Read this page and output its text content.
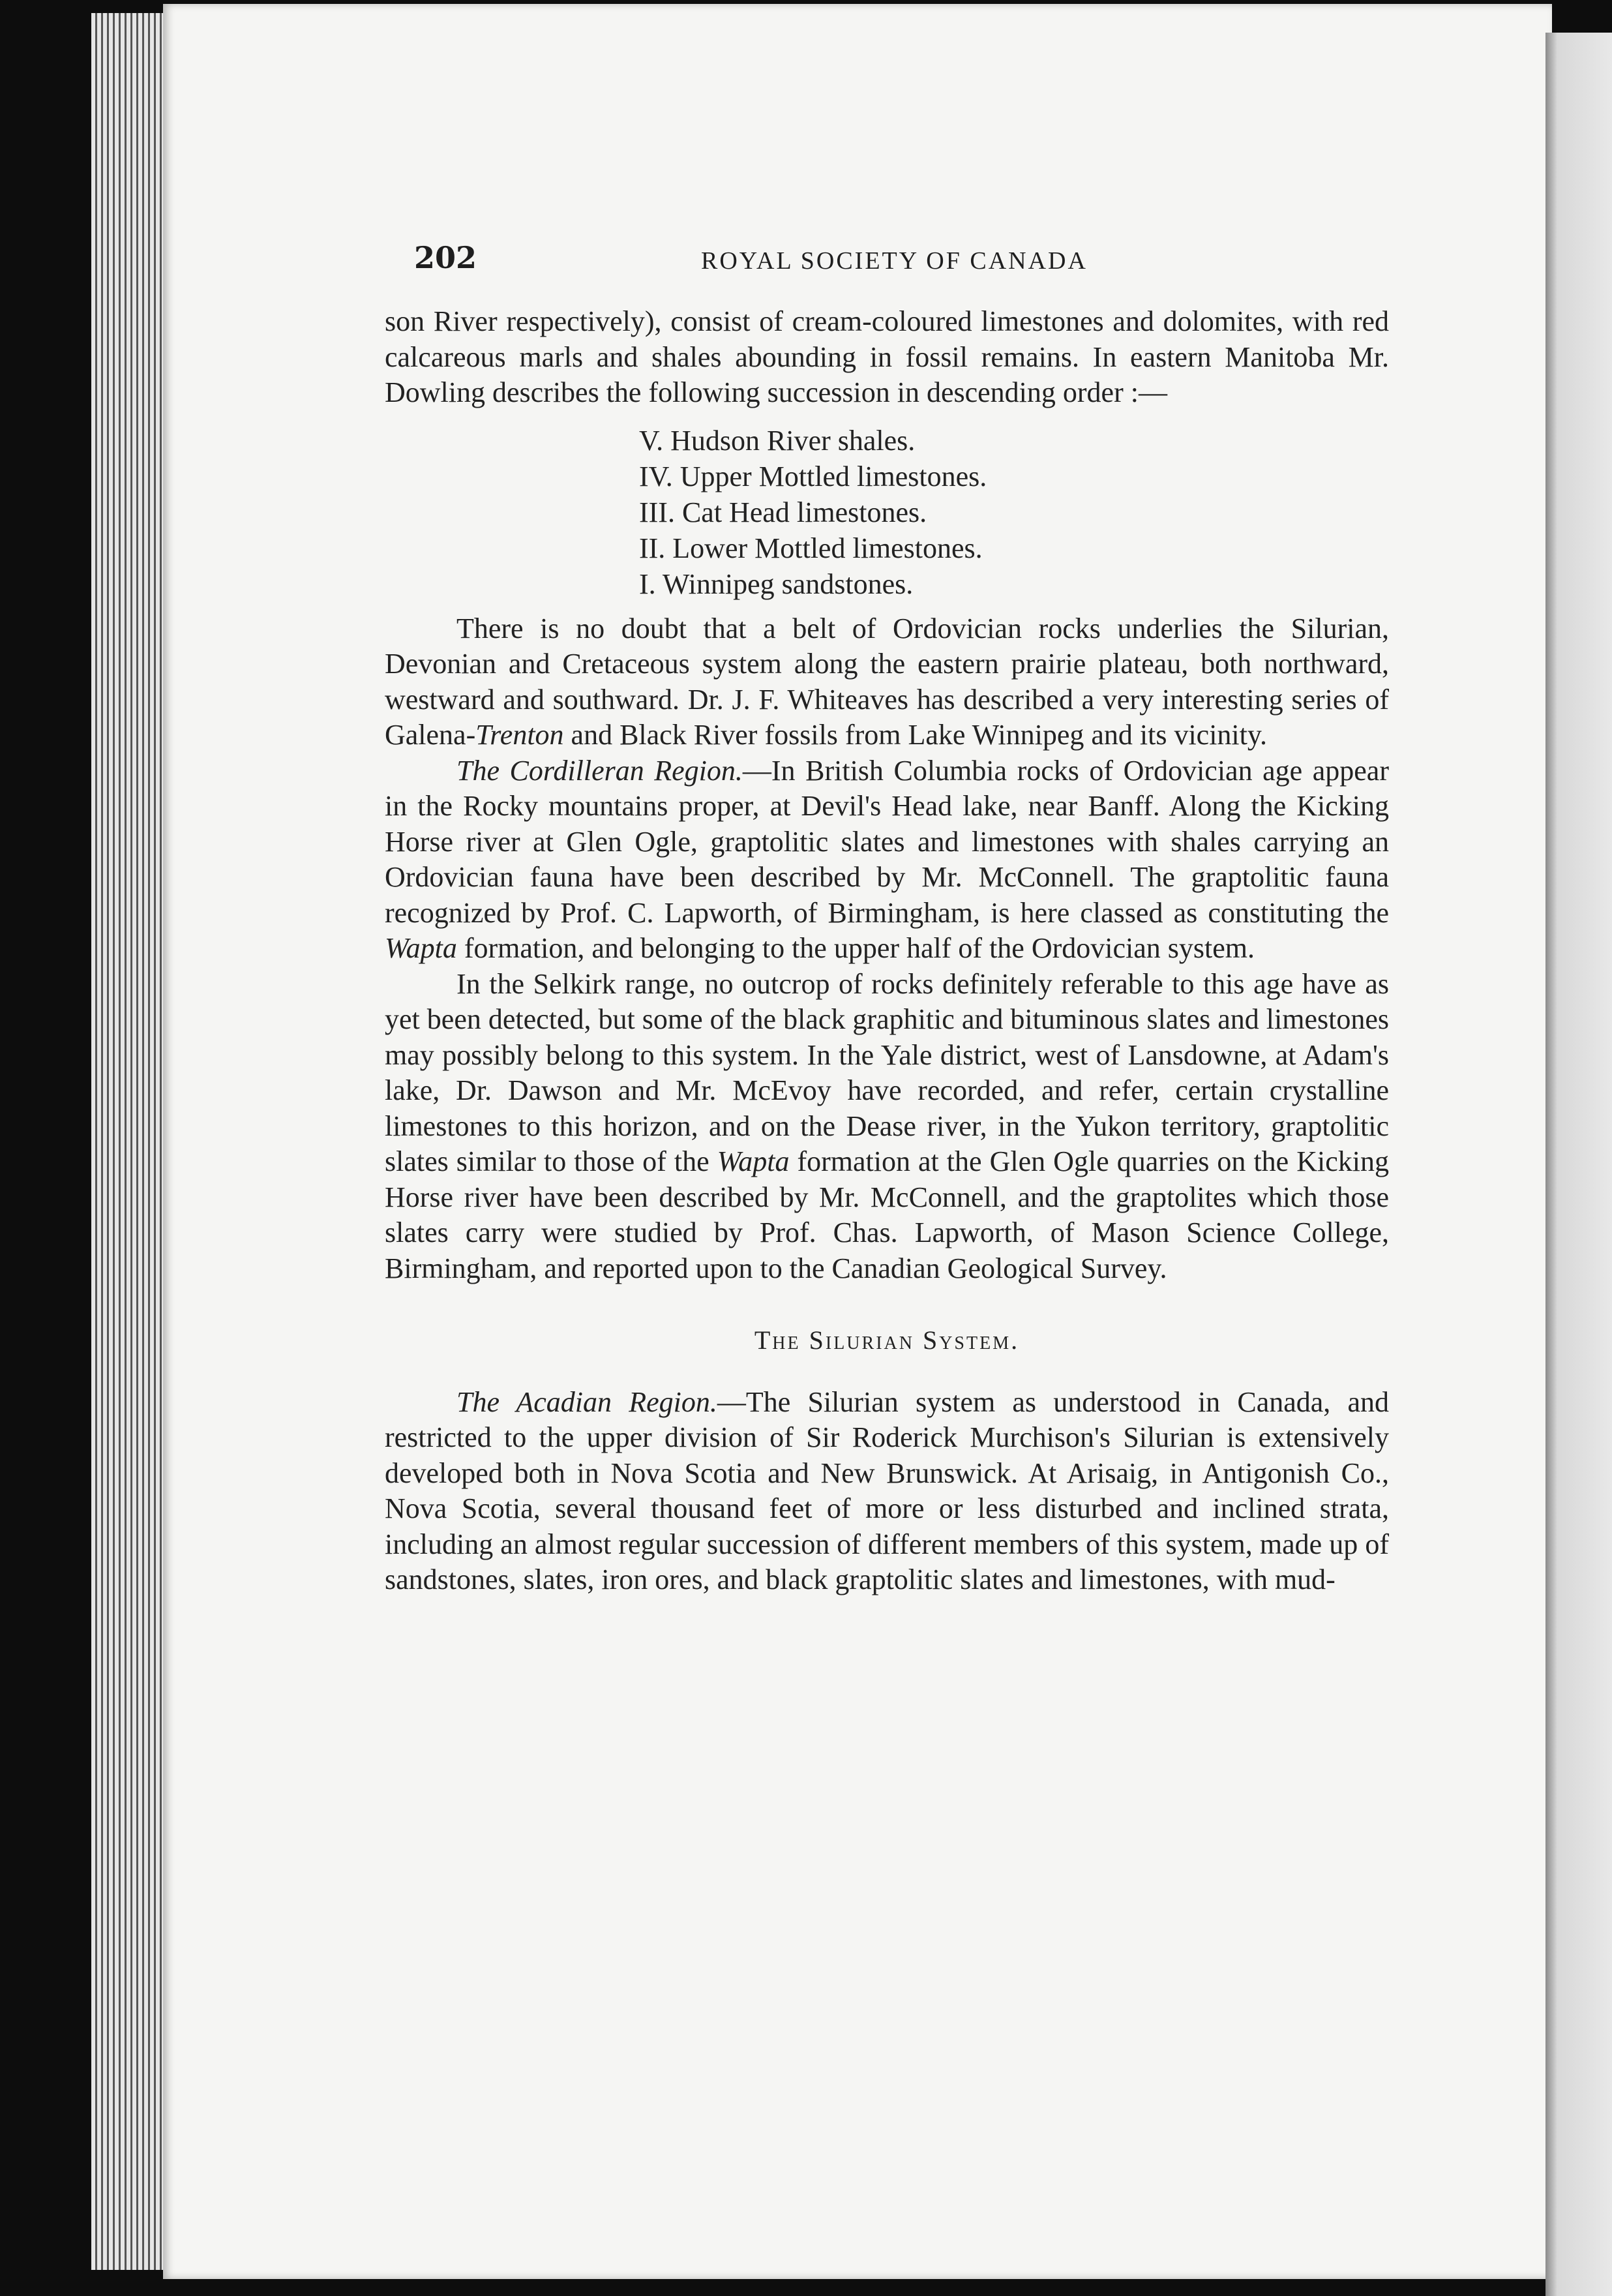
202	ROYAL SOCIETY OF CANADA

son River respectively), consist of cream-coloured limestones and dolomites, with red calcareous marls and shales abounding in fossil remains. In eastern Manitoba Mr. Dowling describes the following succession in descending order :—

V. Hudson River shales.
IV. Upper Mottled limestones.
III. Cat Head limestones.
II. Lower Mottled limestones.
I. Winnipeg sandstones.

There is no doubt that a belt of Ordovician rocks underlies the Silurian, Devonian and Cretaceous system along the eastern prairie plateau, both northward, westward and southward. Dr. J. F. Whiteaves has described a very interesting series of Galena-Trenton and Black River fossils from Lake Winnipeg and its vicinity.

The Cordilleran Region.—In British Columbia rocks of Ordovician age appear in the Rocky mountains proper, at Devil's Head lake, near Banff. Along the Kicking Horse river at Glen Ogle, graptolitic slates and limestones with shales carrying an Ordovician fauna have been described by Mr. McConnell. The graptolitic fauna recognized by Prof. C. Lapworth, of Birmingham, is here classed as constituting the Wapta formation, and belonging to the upper half of the Ordovician system.

In the Selkirk range, no outcrop of rocks definitely referable to this age have as yet been detected, but some of the black graphitic and bituminous slates and limestones may possibly belong to this system. In the Yale district, west of Lansdowne, at Adam's lake, Dr. Dawson and Mr. McEvoy have recorded, and refer, certain crystalline limestones to this horizon, and on the Dease river, in the Yukon territory, graptolitic slates similar to those of the Wapta formation at the Glen Ogle quarries on the Kicking Horse river have been described by Mr. McConnell, and the graptolites which those slates carry were studied by Prof. Chas. Lapworth, of Mason Science College, Birmingham, and reported upon to the Canadian Geological Survey.

The Silurian System.

The Acadian Region.—The Silurian system as understood in Canada, and restricted to the upper division of Sir Roderick Murchison's Silurian is extensively developed both in Nova Scotia and New Brunswick. At Arisaig, in Antigonish Co., Nova Scotia, several thousand feet of more or less disturbed and inclined strata, including an almost regular succession of different members of this system, made up of sandstones, slates, iron ores, and black graptolitic slates and limestones, with mud-
